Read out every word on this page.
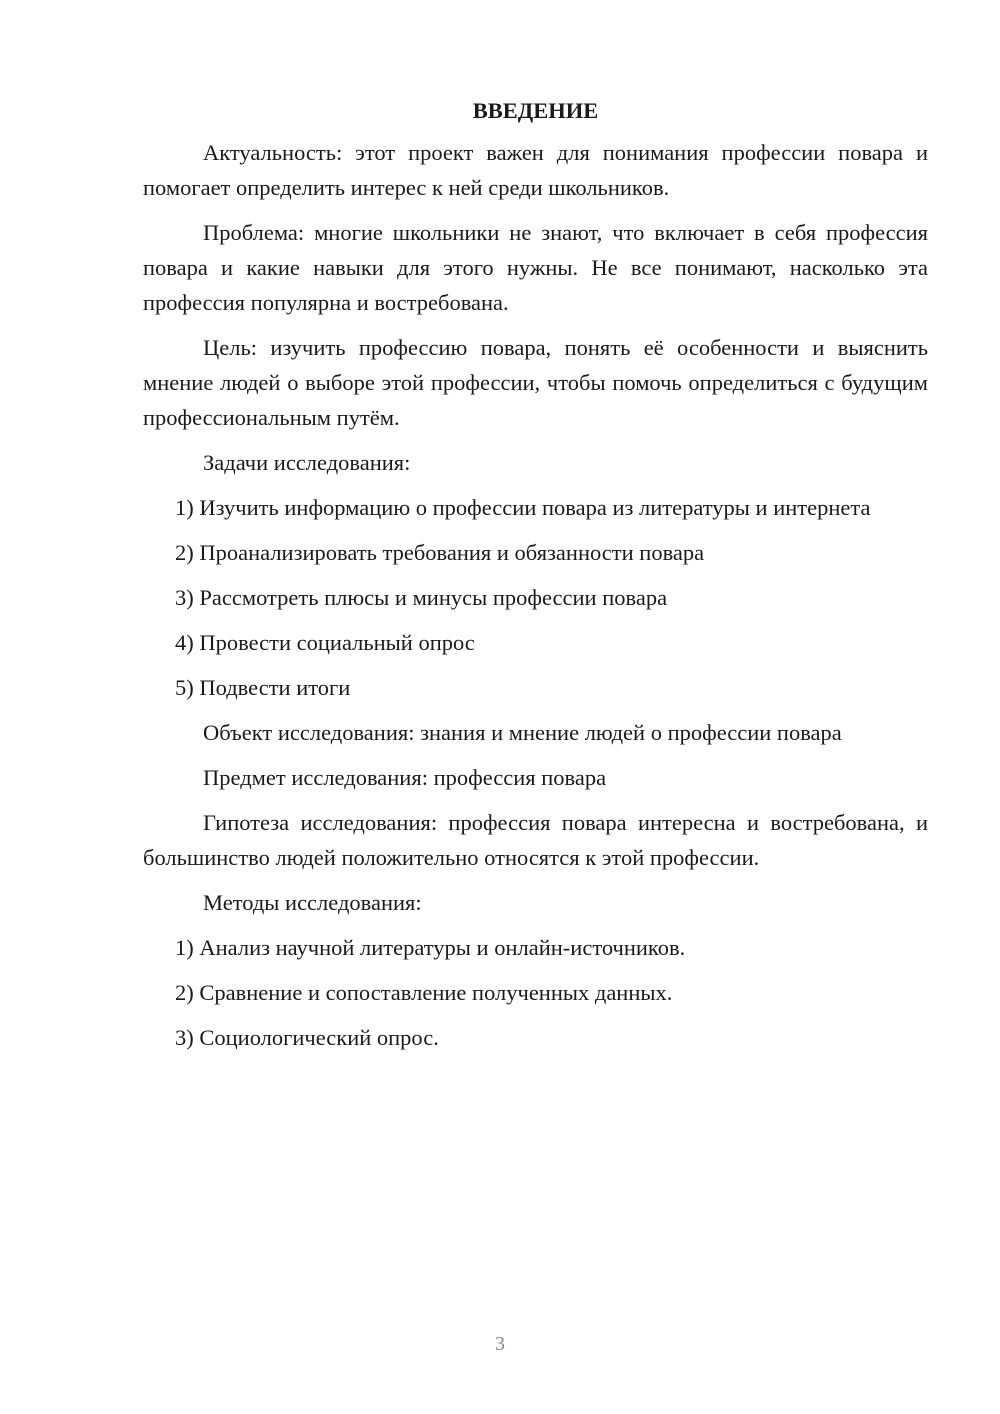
ВВЕДЕНИЕ

Актуальность: этот проект важен для понимания профессии повара и помогает определить интерес к ней среди школьников.

Проблема: многие школьники не знают, что включает в себя профессия повара и какие навыки для этого нужны. Не все понимают, насколько эта профессия популярна и востребована.

Цель: изучить профессию повара, понять её особенности и выяснить мнение людей о выборе этой профессии, чтобы помочь определиться с будущим профессиональным путём.

Задачи исследования:

1) Изучить информацию о профессии повара из литературы и интернета

2) Проанализировать требования и обязанности повара

3) Рассмотреть плюсы и минусы профессии повара

4) Провести социальный опрос

5) Подвести итоги

Объект исследования: знания и мнение людей о профессии повара

Предмет исследования: профессия повара

Гипотеза исследования: профессия повара интересна и востребована, и большинство людей положительно относятся к этой профессии.

Методы исследования:

1) Анализ научной литературы и онлайн-источников.

2) Сравнение и сопоставление полученных данных.

3) Социологический опрос.

3
